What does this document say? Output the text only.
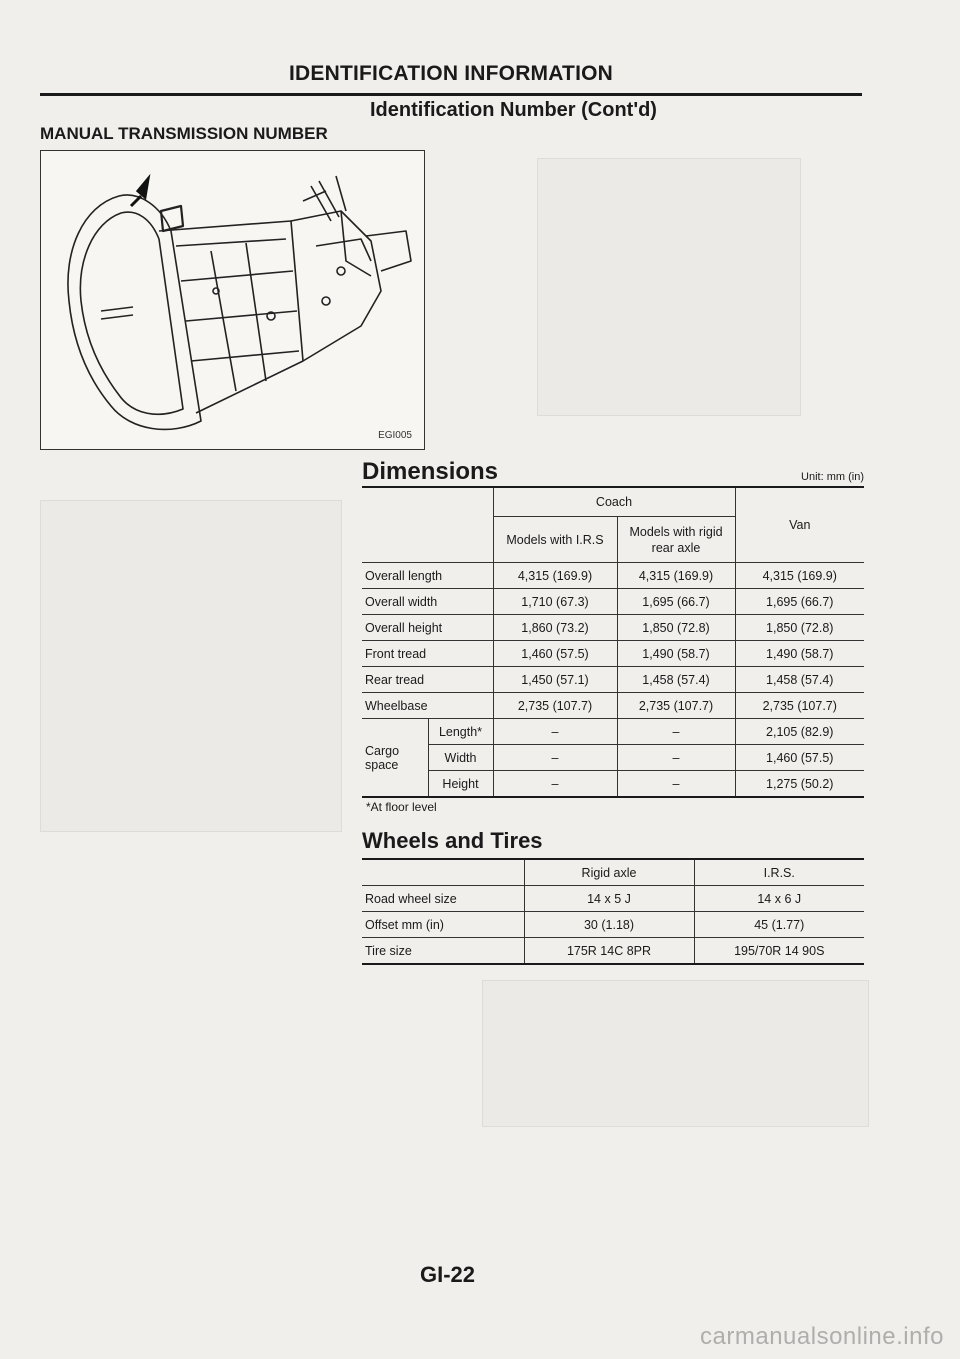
IDENTIFICATION INFORMATION
Identification Number (Cont'd)
MANUAL TRANSMISSION NUMBER
EGI005
Dimensions	Unit: mm (in)
		Coach		Van
		Models with I.R.S	Models with rigid rear axle	
Overall length		4,315 (169.9)	4,315 (169.9)	4,315 (169.9)
Overall width		1,710 (67.3)	1,695 (66.7)	1,695 (66.7)
Overall height		1,860 (73.2)	1,850 (72.8)	1,850 (72.8)
Front tread		1,460 (57.5)	1,490 (58.7)	1,490 (58.7)
Rear tread		1,450 (57.1)	1,458 (57.4)	1,458 (57.4)
Wheelbase		2,735 (107.7)	2,735 (107.7)	2,735 (107.7)
Cargo space	Length*	–	–	2,105 (82.9)
	Width	–	–	1,460 (57.5)
	Height	–	–	1,275 (50.2)
*At floor level
Wheels and Tires
	Rigid axle	I.R.S.
Road wheel size	14 x 5 J	14 x 6 J
Offset mm (in)	30 (1.18)	45 (1.77)
Tire size	175R 14C 8PR	195/70R 14 90S
GI-22
carmanualsonline.info
